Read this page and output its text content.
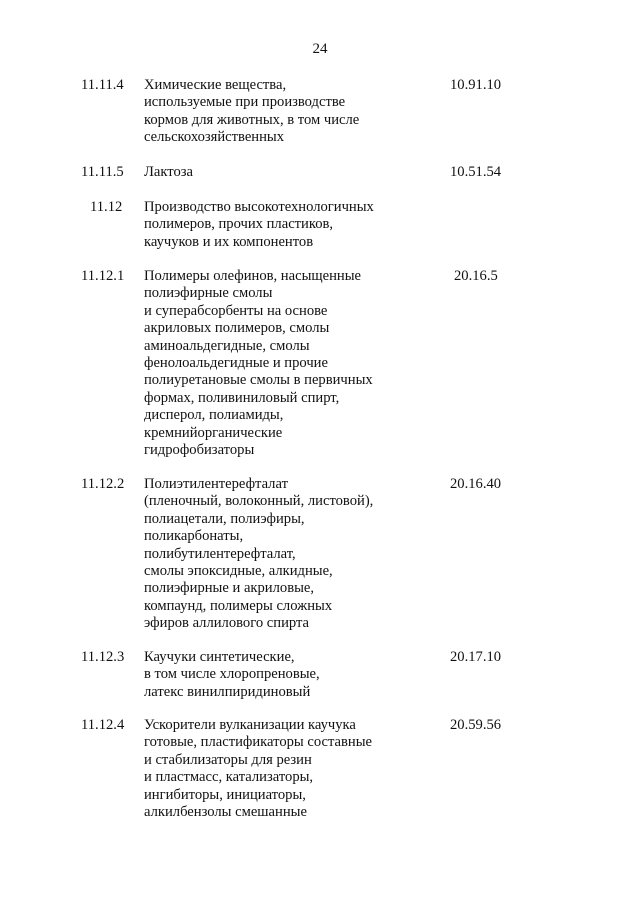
24
11.11.4 Химические вещества,
используемые при производстве
кормов для животных, в том числе
сельскохозяйственных
10.91.10
11.11.5 Лактоза	10.51.54
11.12 Производство высокотехнологичных
полимеров, прочих пластиков,
каучуков и их компонентов
11.12.1 Полимеры олефинов, насыщенные
полиэфирные смолы
и суперабсорбенты на основе
акриловых полимеров, смолы
аминоальдегидные, смолы
фенолоальдегидные и прочие
полиуретановые смолы в первичных
формах, поливиниловый спирт,
дисперол, полиамиды,
кремнийорганические
гидрофобизаторы
20.16.5
11.12.2 Полиэтилентерефталат
(пленочный, волоконный, листовой),
полиацетали, полиэфиры,
поликарбонаты,
полибутилентерефталат,
смолы эпоксидные, алкидные,
полиэфирные и акриловые,
компаунд, полимеры сложных
эфиров аллилового спирта
20.16.40
11.12.3 Каучуки синтетические,
в том числе хлоропреновые,
латекс винилпиридиновый
20.17.10
11.12.4 Ускорители вулканизации каучука
готовые, пластификаторы составные
и стабилизаторы для резин
и пластмасс, катализаторы,
ингибиторы, инициаторы,
алкилбензолы смешанные
20.59.56
